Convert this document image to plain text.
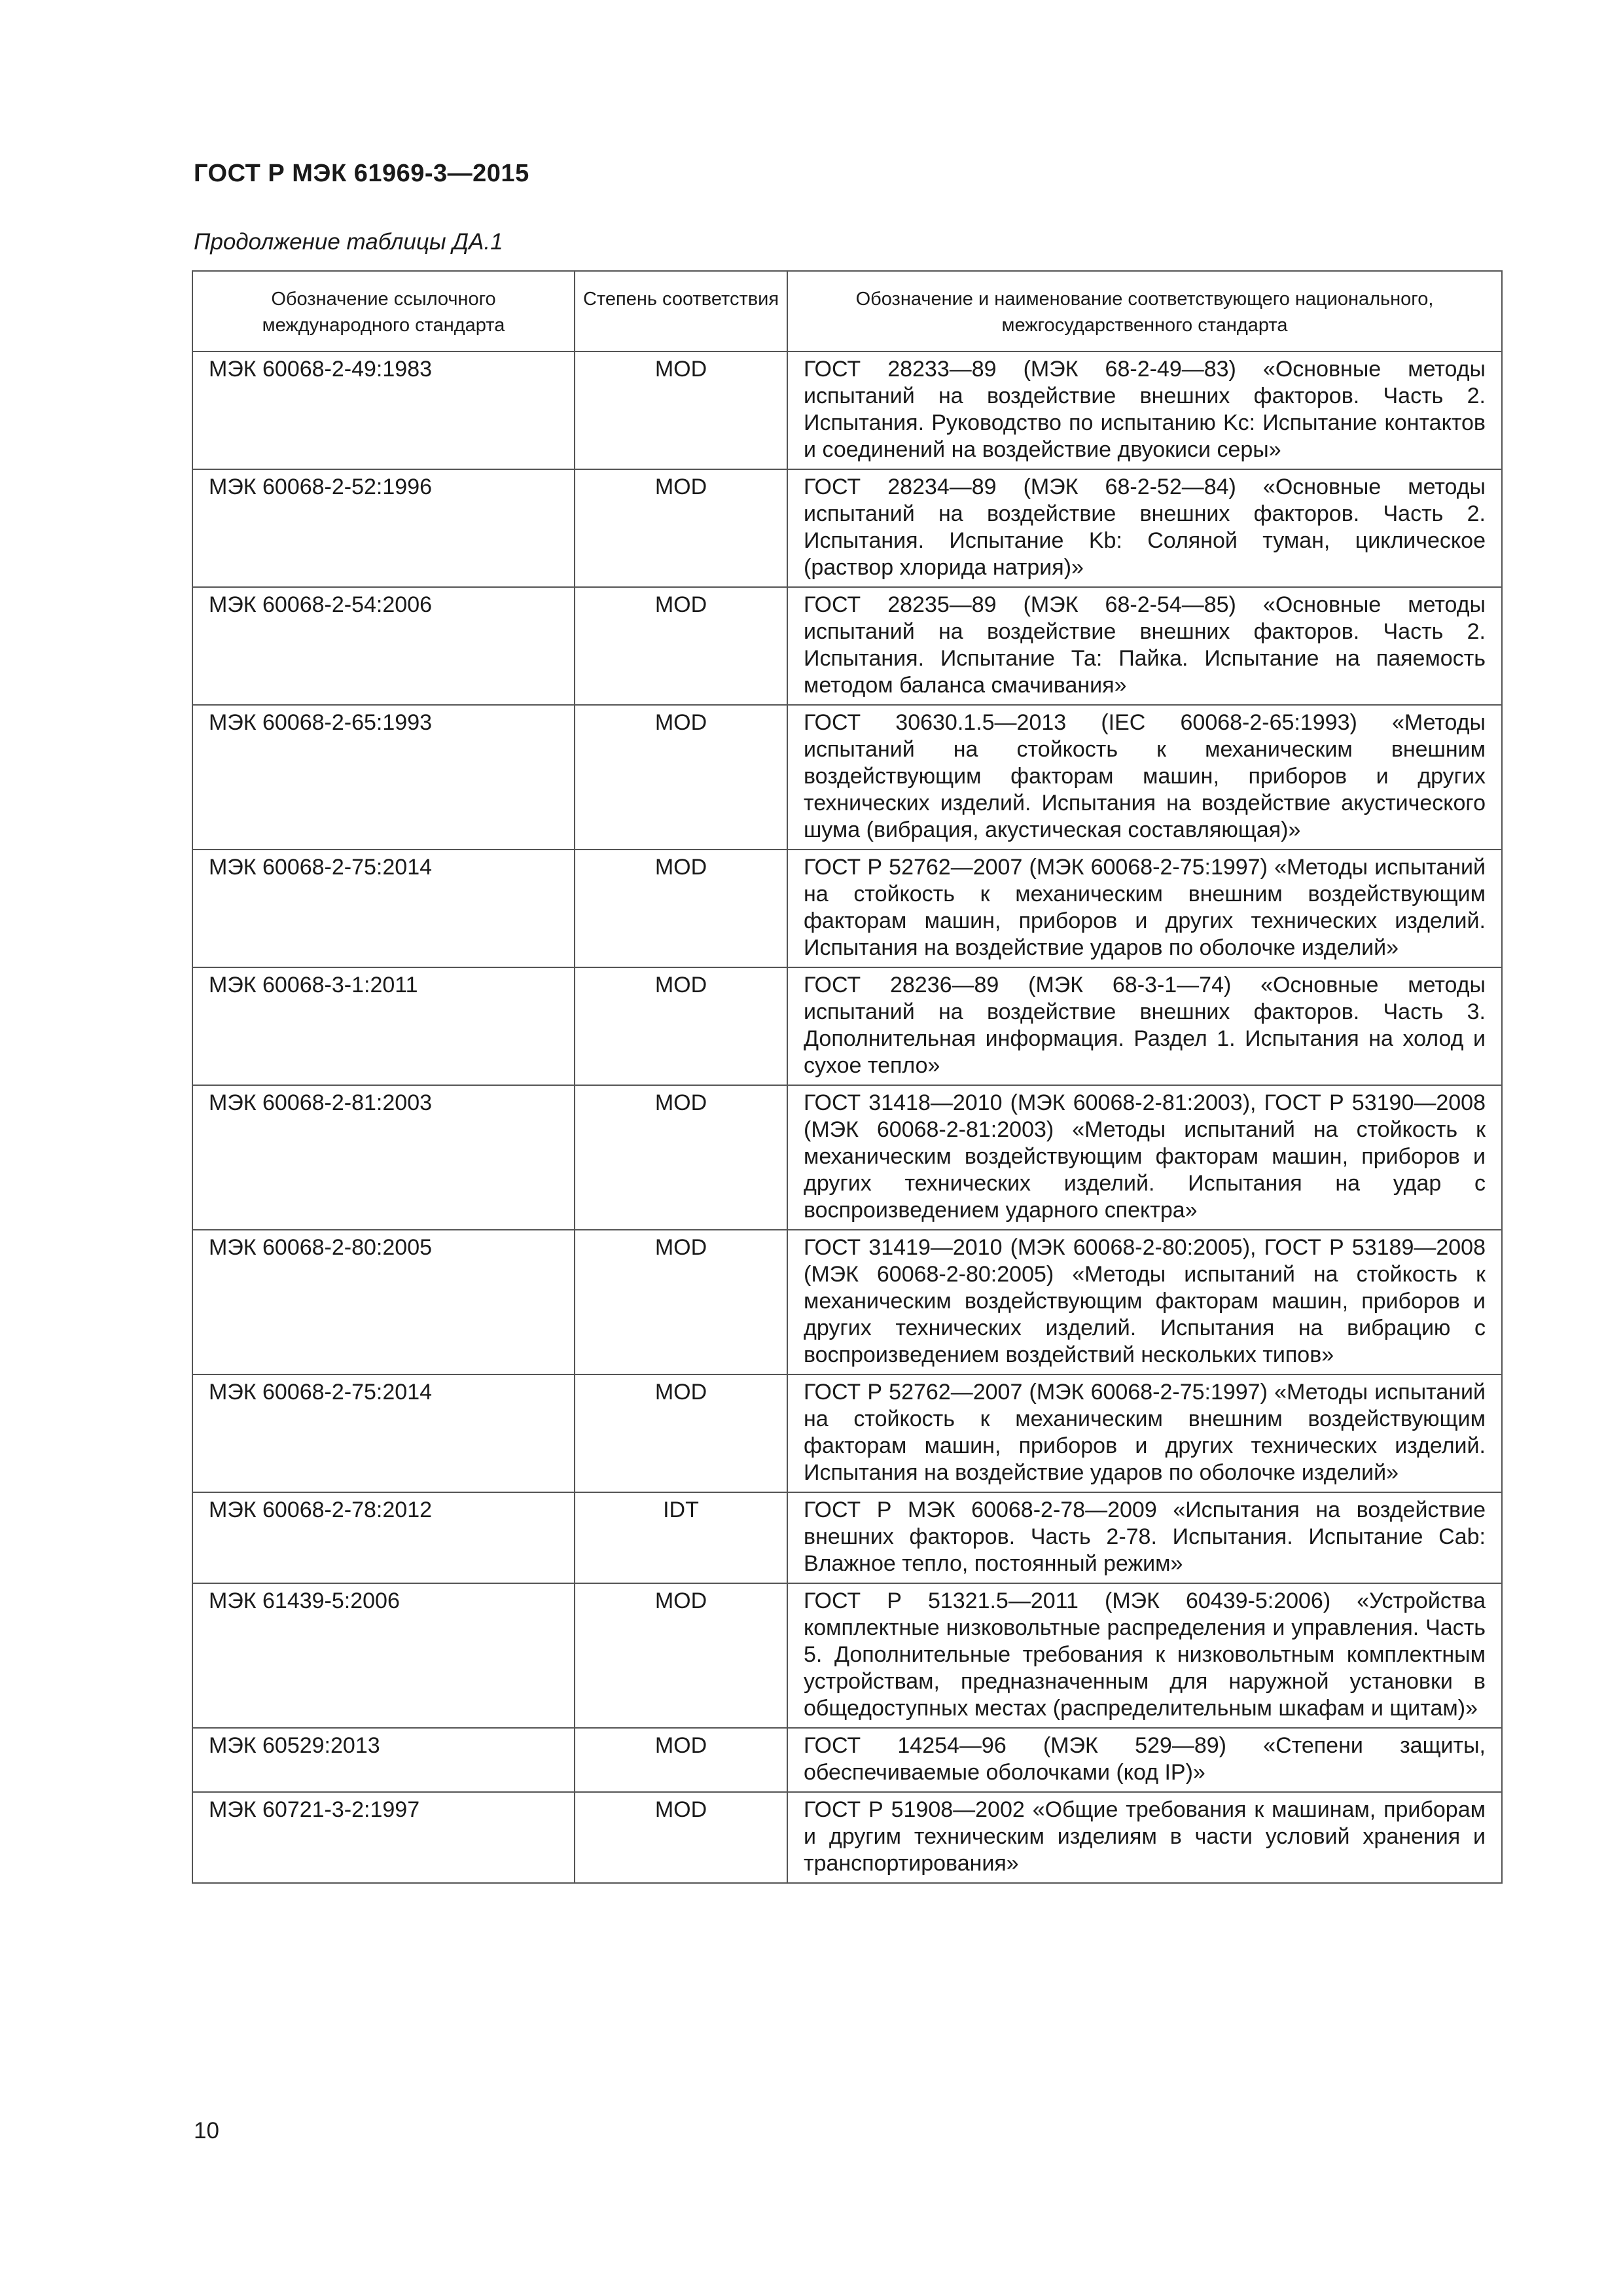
ГОСТ Р МЭК 61969-3—2015
Продолжение таблицы ДА.1
Обозначение ссылочного международного стандарта	Степень соответствия	Обозначение и наименование соответствующего национального, межгосударственного стандарта
МЭК 60068-2-49:1983	MOD	ГОСТ 28233—89 (МЭК 68-2-49—83) «Основные методы испытаний на воздействие внешних факторов. Часть 2. Испытания. Руководство по испытанию Kс: Испытание контактов и соединений на воздействие двуокиси серы»
МЭК 60068-2-52:1996	MOD	ГОСТ 28234—89 (МЭК 68-2-52—84) «Основные методы испытаний на воздействие внешних факторов. Часть 2. Испытания. Испытание Kb: Соляной туман, циклическое (раствор хлорида натрия)»
МЭК 60068-2-54:2006	MOD	ГОСТ 28235—89 (МЭК 68-2-54—85) «Основные методы испытаний на воздействие внешних факторов. Часть 2. Испытания. Испытание Та: Пайка. Испытание на паяемость методом баланса смачивания»
МЭК 60068-2-65:1993	MOD	ГОСТ 30630.1.5—2013 (IEC 60068-2-65:1993) «Методы испытаний на стойкость к механическим внешним воздействующим факторам машин, приборов и других технических изделий. Испытания на воздействие акустического шума (вибрация, акустическая составляющая)»
МЭК 60068-2-75:2014	MOD	ГОСТ Р 52762—2007 (МЭК 60068-2-75:1997) «Методы испытаний на стойкость к механическим внешним воздействующим факторам машин, приборов и других технических изделий. Испытания на воздействие ударов по оболочке изделий»
МЭК 60068-3-1:2011	MOD	ГОСТ 28236—89 (МЭК 68-3-1—74) «Основные методы испытаний на воздействие внешних факторов. Часть 3. Дополнительная информация. Раздел 1. Испытания на холод и сухое тепло»
МЭК 60068-2-81:2003	MOD	ГОСТ 31418—2010 (МЭК 60068-2-81:2003), ГОСТ Р 53190—2008 (МЭК 60068-2-81:2003) «Методы испытаний на стойкость к механическим воздействующим факторам машин, приборов и других технических изделий. Испытания на удар с воспроизведением ударного спектра»
МЭК 60068-2-80:2005	MOD	ГОСТ 31419—2010 (МЭК 60068-2-80:2005), ГОСТ Р 53189—2008 (МЭК 60068-2-80:2005) «Методы испытаний на стойкость к механическим воздействующим факторам машин, приборов и других технических изделий. Испытания на вибрацию с воспроизведением воздействий нескольких типов»
МЭК 60068-2-75:2014	MOD	ГОСТ Р 52762—2007 (МЭК 60068-2-75:1997) «Методы испытаний на стойкость к механическим внешним воздействующим факторам машин, приборов и других технических изделий. Испытания на воздействие ударов по оболочке изделий»
МЭК 60068-2-78:2012	IDT	ГОСТ Р МЭК 60068-2-78—2009 «Испытания на воздействие внешних факторов. Часть 2-78. Испытания. Испытание Cab: Влажное тепло, постоянный режим»
МЭК 61439-5:2006	MOD	ГОСТ Р 51321.5—2011 (МЭК 60439-5:2006) «Устройства комплектные низковольтные распределения и управления. Часть 5. Дополнительные требования к низковольтным комплектным устройствам, предназначенным для наружной установки в общедоступных местах (распределительным шкафам и щитам)»
МЭК 60529:2013	MOD	ГОСТ 14254—96 (МЭК 529—89) «Степени защиты, обеспечиваемые оболочками (код IP)»
МЭК 60721-3-2:1997	MOD	ГОСТ Р 51908—2002 «Общие требования к машинам, приборам и другим техническим изделиям в части условий хранения и транспортирования»
10
